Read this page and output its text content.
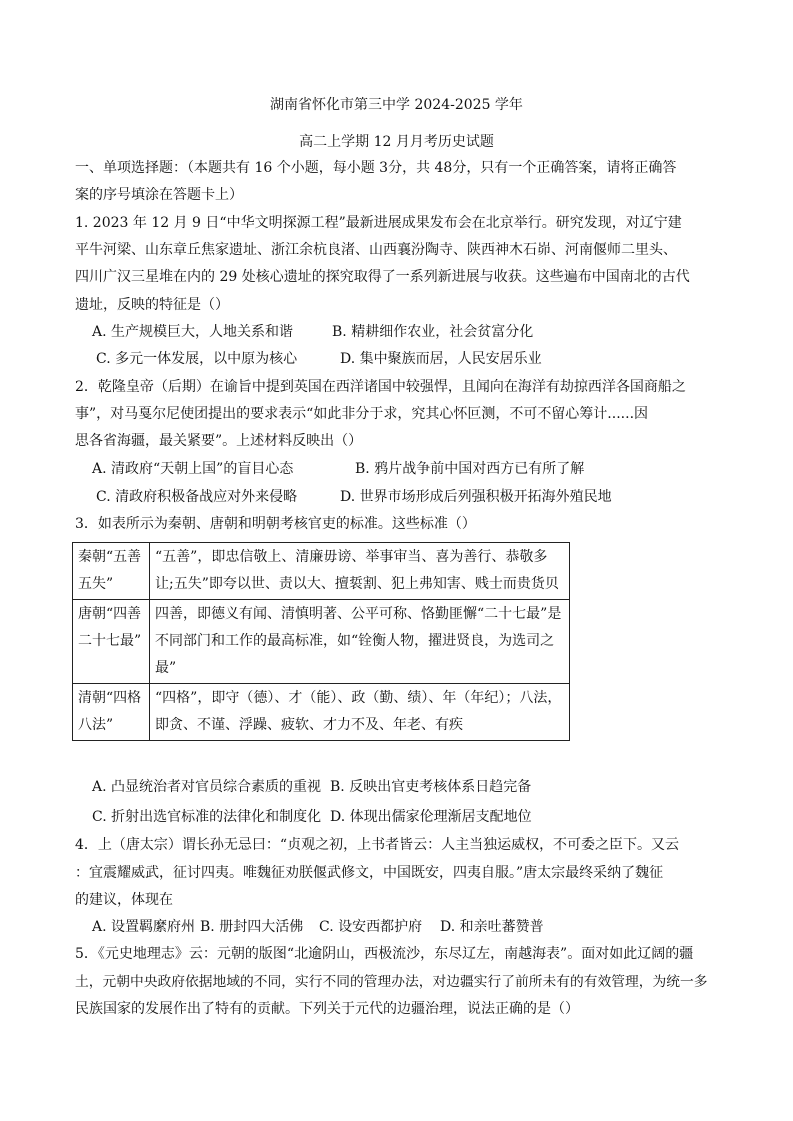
湖南省怀化市第三中学 2024-2025 学年
高二上学期 12 月月考历史试题
一、单项选择题：（本题共有 16 个小题，每小题 3分，共 48分，只有一个正确答案，请将正确答
案的序号填涂在答题卡上）
1. 2023 年 12 月 9 日“中华文明探源工程”最新进展成果发布会在北京举行。研究发现，对辽宁建
平牛河梁、山东章丘焦家遗址、浙江余杭良渚、山西襄汾陶寺、陕西神木石峁、河南偃师二里头、
四川广汉三星堆在内的 29 处核心遗址的探究取得了一系列新进展与收获。这些遍布中国南北的古代
遗址，反映的特征是（）
A. 生产规模巨大，人地关系和谐	B. 精耕细作农业，社会贫富分化
C. 多元一体发展，以中原为核心	D. 集中聚族而居，人民安居乐业
2．乾隆皇帝（后期）在谕旨中提到英国在西洋诸国中较强悍，且闻向在海洋有劫掠西洋各国商船之
事”，对马戛尔尼使团提出的要求表示“如此非分于求，究其心怀叵测，不可不留心筹计......因
思各省海疆，最关紧要”。上述材料反映出（）
A. 清政府“天朝上国”的盲目心态	B. 鸦片战争前中国对西方已有所了解
C. 清政府积极备战应对外来侵略	D. 世界市场形成后列强积极开拓海外殖民地
3．如表所示为秦朝、唐朝和明朝考核官吏的标准。这些标准（）
秦朝“五善五失”	“五善”，即忠信敬上、清廉毋谤、举事审当、喜为善行、恭敬多让;五失”即夸以世、责以大、擅裚割、犯上弗知害、贱士而贵货贝
唐朝“四善二十七最”	四善，即德义有闻、清慎明著、公平可称、恪勤匪懈“二十七最”是不同部门和工作的最高标准，如“铨衡人物，擢进贤良，为选司之最”
清朝“四格八法”	“四格”，即守（德）、才（能）、政（勤、绩）、年（年纪）；八法，即贪、不谨、浮躁、疲软、才力不及、年老、有疾
A. 凸显统治者对官员综合素质的重视 B. 反映出官吏考核体系日趋完备
C. 折射出选官标准的法律化和制度化 D. 体现出儒家伦理渐居支配地位
4．上（唐太宗）谓长孙无忌曰：“贞观之初，上书者皆云：人主当独运威权，不可委之臣下。又云
：宜震耀威武，征讨四夷。唯魏征劝朕偃武修文，中国既安，四夷自服。”唐太宗最终采纳了魏征
的建议，体现在
A. 设置羁縻府州 B. 册封四大活佛 C. 设安西都护府 D. 和亲吐蕃赞普
5．《元史地理志》云：元朝的版图“北逾阴山，西极流沙，东尽辽左，南越海表”。面对如此辽阔的疆
土，元朝中央政府依据地域的不同，实行不同的管理办法，对边疆实行了前所未有的有效管理，为统一多
民族国家的发展作出了特有的贡献。下列关于元代的边疆治理，说法正确的是（）
